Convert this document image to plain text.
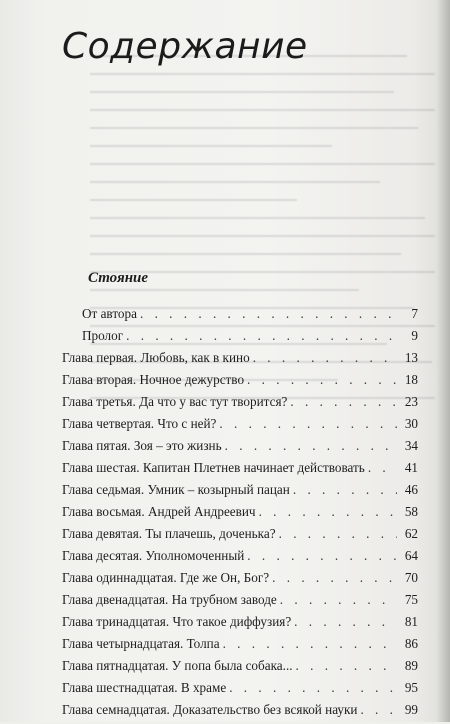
Содержание
Стояние
От автора . . .	7
Пролог . . .	9
Глава первая. Любовь, как в кино . . .	13
Глава вторая. Ночное дежурство . . .	18
Глава третья. Да что у вас тут творится? . . .	23
Глава четвертая. Что с ней? . . .	30
Глава пятая. Зоя – это жизнь . . .	34
Глава шестая. Капитан Плетнев начинает действовать . . .	41
Глава седьмая. Умник – козырный пацан . . .	46
Глава восьмая. Андрей Андреевич . . .	58
Глава девятая. Ты плачешь, доченька? . . .	62
Глава десятая. Уполномоченный . . .	64
Глава одиннадцатая. Где же Он, Бог? . . .	70
Глава двенадцатая. На трубном заводе . . .	75
Глава тринадцатая. Что такое диффузия? . . .	81
Глава четырнадцатая. Толпа . . .	86
Глава пятнадцатая. У попа была собака... . . .	89
Глава шестнадцатая. В храме . . .	95
Глава семнадцатая. Доказательство без всякой науки . . .	99
